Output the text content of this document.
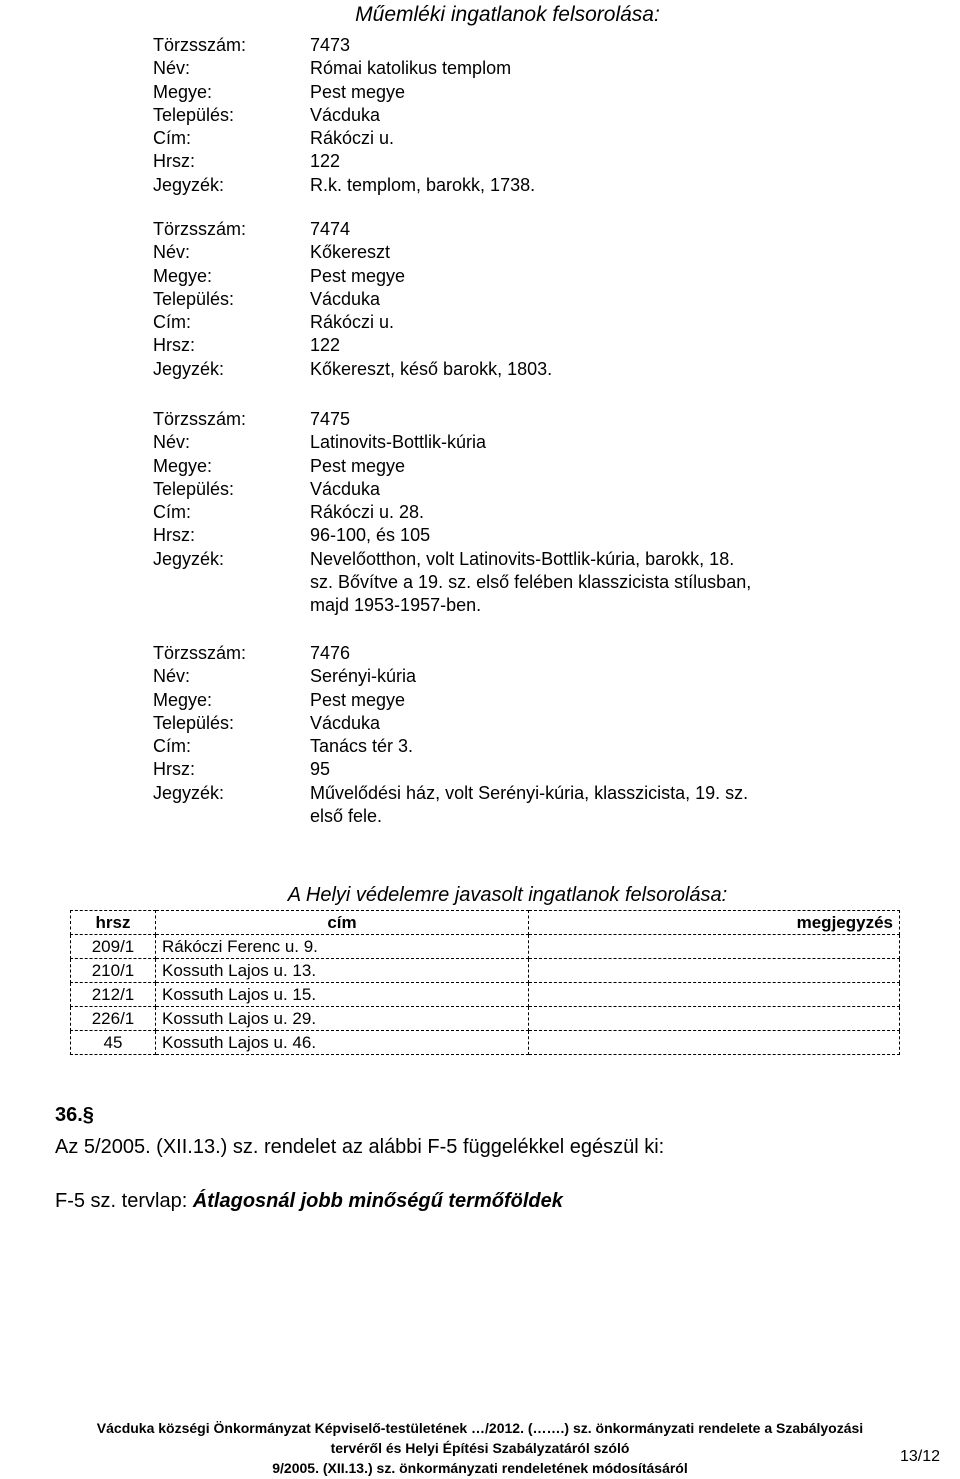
Műemléki ingatlanok felsorolása:
Törzsszám:	7473
Név:	Római katolikus templom
Megye:	Pest megye
Település:	Vácduka
Cím:	Rákóczi u.
Hrsz:	122
Jegyzék:	R.k. templom, barokk, 1738.
Törzsszám:	7474
Név:	Kőkereszt
Megye:	Pest megye
Település:	Vácduka
Cím:	Rákóczi u.
Hrsz:	122
Jegyzék:	Kőkereszt, késő barokk, 1803.
Törzsszám:	7475
Név:	Latinovits-Bottlik-kúria
Megye:	Pest megye
Település:	Vácduka
Cím:	Rákóczi u. 28.
Hrsz:	96-100, és 105
Jegyzék:	Nevelőotthon, volt Latinovits-Bottlik-kúria, barokk, 18.
sz. Bővítve a 19. sz. első felében klasszicista stílusban,
majd 1953-1957-ben.
Törzsszám:	7476
Név:	Serényi-kúria
Megye:	Pest megye
Település:	Vácduka
Cím:	Tanács tér 3.
Hrsz:	95
Jegyzék:	Művelődési ház, volt Serényi-kúria, klasszicista, 19. sz.
első fele.
A Helyi védelemre javasolt ingatlanok felsorolása:
hrsz	cím	megjegyzés
209/1	Rákóczi Ferenc u. 9.	
210/1	Kossuth Lajos u. 13.	
212/1	Kossuth Lajos u. 15.	
226/1	Kossuth Lajos u. 29.	
45	Kossuth Lajos u. 46.	
36.§
Az 5/2005. (XII.13.) sz. rendelet az alábbi F-5 függelékkel egészül ki:
F-5 sz. tervlap: Átlagosnál jobb minőségű termőföldek
Vácduka községi Önkormányzat Képviselő-testületének …/2012. (…….) sz. önkormányzati rendelete a Szabályozási
tervéről és Helyi Építési Szabályzatáról szóló
9/2005. (XII.13.) sz. önkormányzati rendeletének módosításáról
13/12
